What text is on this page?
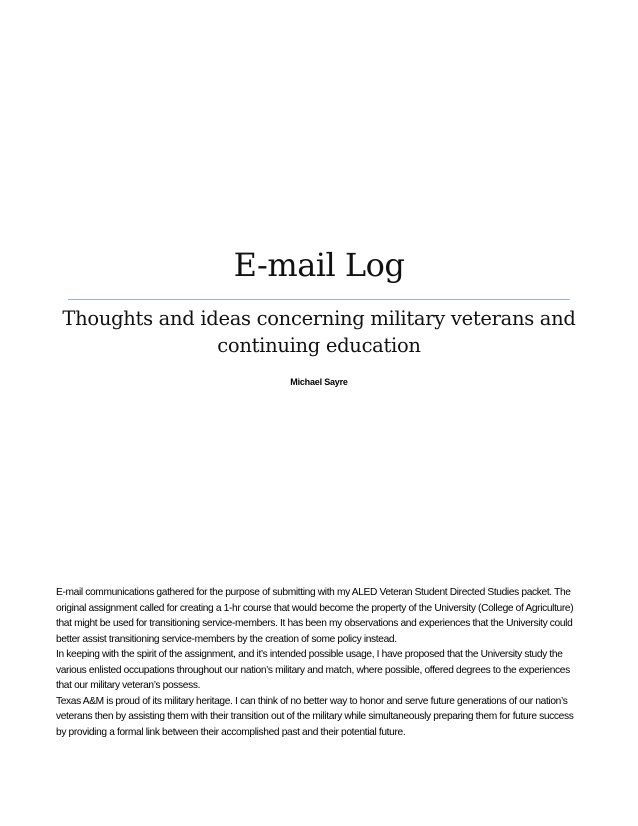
E-mail Log
Thoughts and ideas concerning military veterans and continuing education
Michael Sayre

E-mail communications gathered for the purpose of submitting with my ALED Veteran Student Directed Studies packet. The original assignment called for creating a 1-hr course that would become the property of the University (College of Agriculture) that might be used for transitioning service-members. It has been my observations and experiences that the University could better assist transitioning service-members by the creation of some policy instead.

In keeping with the spirit of the assignment, and it’s intended possible usage, I have proposed that the University study the various enlisted occupations throughout our nation’s military and match, where possible, offered degrees to the experiences that our military veteran’s possess.

Texas A&M is proud of its military heritage. I can think of no better way to honor and serve future generations of our nation’s veterans then by assisting them with their transition out of the military while simultaneously preparing them for future success by providing a formal link between their accomplished past and their potential future.
